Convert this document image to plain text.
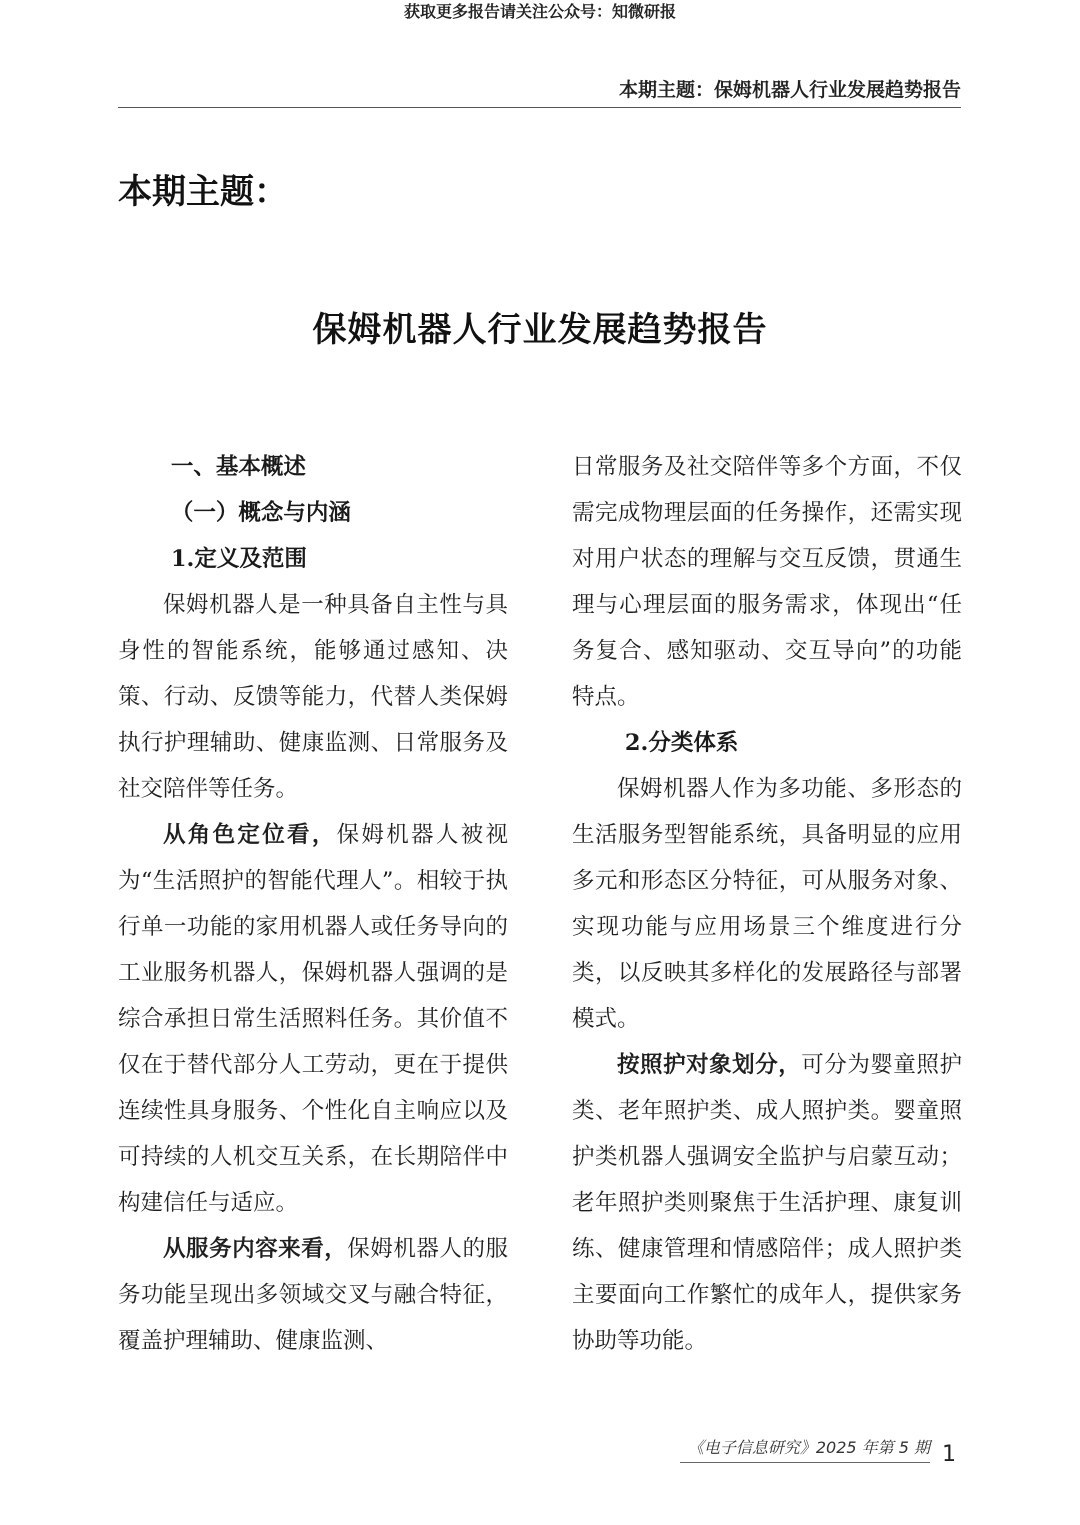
获取更多报告请关注公众号：知微研报
本期主题：保姆机器人行业发展趋势报告
本期主题：
保姆机器人行业发展趋势报告
一、基本概述
（一）概念与内涵
1.定义及范围

保姆机器人是一种具备自主性与具身性的智能系统，能够通过感知、决策、行动、反馈等能力，代替人类保姆执行护理辅助、健康监测、日常服务及社交陪伴等任务。

从角色定位看，保姆机器人被视为“生活照护的智能代理人”。相较于执行单一功能的家用机器人或任务导向的工业服务机器人，保姆机器人强调的是综合承担日常生活照料任务。其价值不仅在于替代部分人工劳动，更在于提供连续性具身服务、个性化自主响应以及可持续的人机交互关系，在长期陪伴中构建信任与适应。

从服务内容来看，保姆机器人的服务功能呈现出多领域交叉与融合特征，覆盖护理辅助、健康监测、

日常服务及社交陪伴等多个方面，不仅需完成物理层面的任务操作，还需实现对用户状态的理解与交互反馈，贯通生理与心理层面的服务需求，体现出“任务复合、感知驱动、交互导向”的功能特点。

2.分类体系

保姆机器人作为多功能、多形态的生活服务型智能系统，具备明显的应用多元和形态区分特征，可从服务对象、实现功能与应用场景三个维度进行分类，以反映其多样化的发展路径与部署模式。

按照护对象划分，可分为婴童照护类、老年照护类、成人照护类。婴童照护类机器人强调安全监护与启蒙互动；老年照护类则聚焦于生活护理、康复训练、健康管理和情感陪伴；成人照护类主要面向工作繁忙的成年人，提供家务协助等功能。

《电子信息研究》2025 年第 5 期 1
